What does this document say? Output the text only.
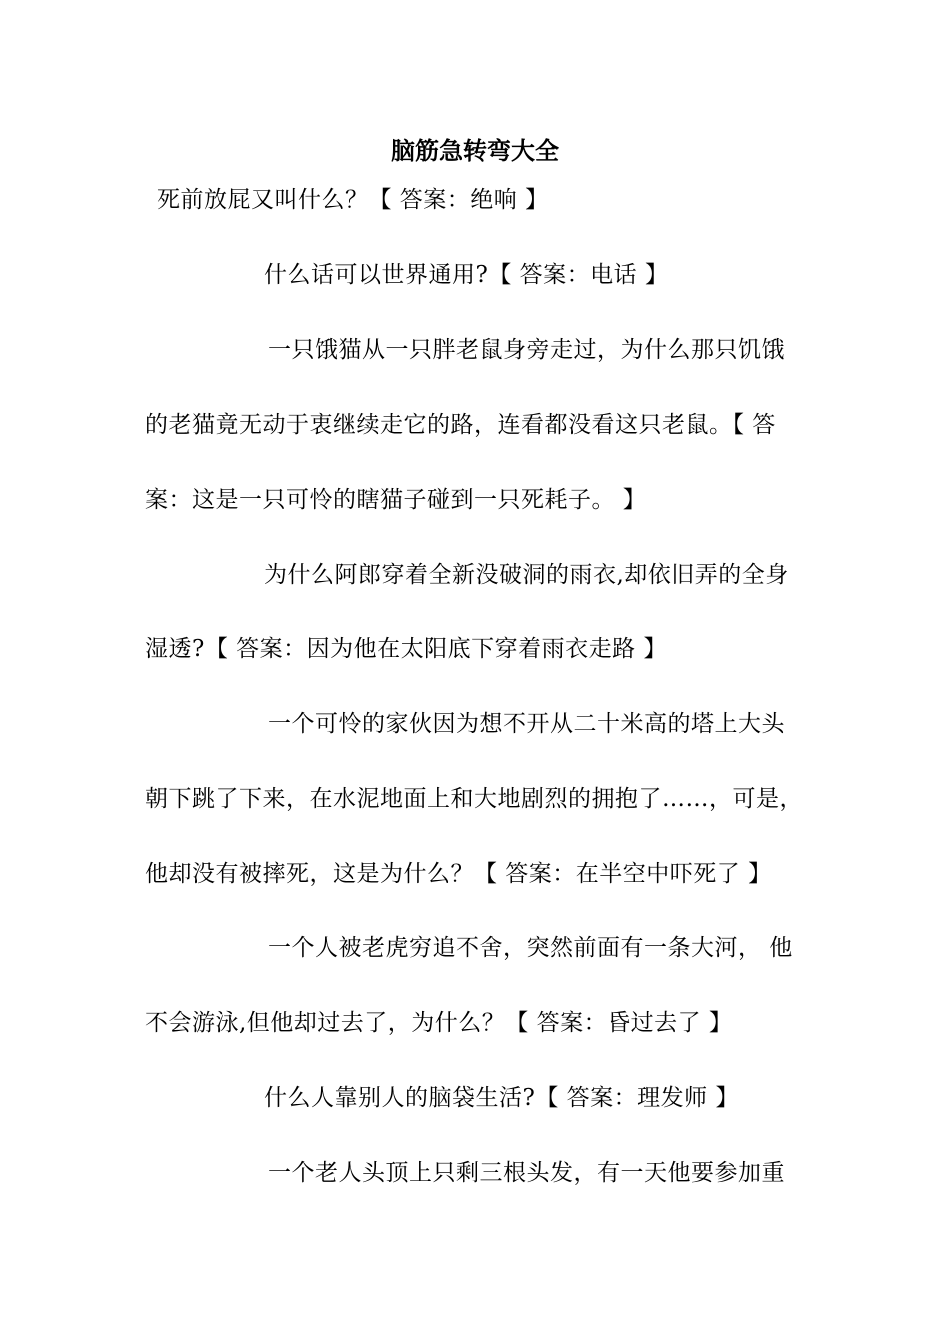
脑筋急转弯大全
死前放屁又叫什么？【 答案：绝响 】
什么话可以世界通用?【 答案：电话 】
一只饿猫从一只胖老鼠身旁走过，为什么那只饥饿
的老猫竟无动于衷继续走它的路，连看都没看这只老鼠。【 答
案：这是一只可怜的瞎猫子碰到一只死耗子。 】
为什么阿郎穿着全新没破洞的雨衣,却依旧弄的全身
湿透?【 答案：因为他在太阳底下穿着雨衣走路 】
一个可怜的家伙因为想不开从二十米高的塔上大头
朝下跳了下来，在水泥地面上和大地剧烈的拥抱了……，可是，
他却没有被摔死，这是为什么？【 答案：在半空中吓死了 】
一个人被老虎穷追不舍，突然前面有一条大河， 他
不会游泳,但他却过去了，为什么？【 答案：昏过去了 】
什么人靠别人的脑袋生活?【 答案：理发师 】
一个老人头顶上只剩三根头发，有一天他要参加重
